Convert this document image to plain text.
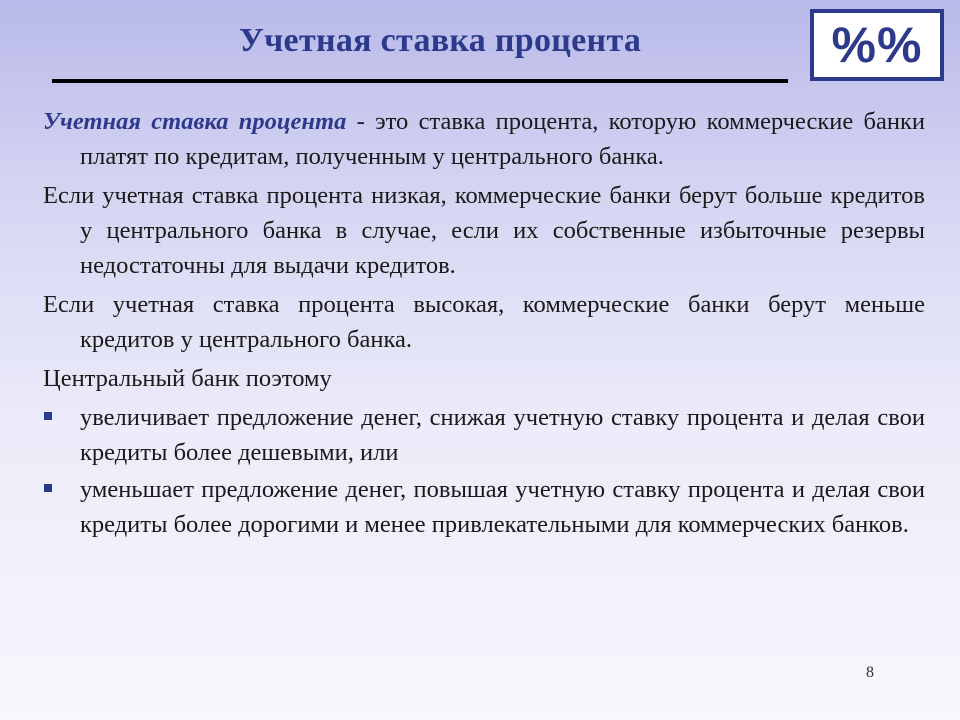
Учетная ставка процента	%%

Учетная ставка процента - это ставка процента, которую коммерческие банки платят по кредитам, полученным у центрального банка.

Если учетная ставка процента низкая, коммерческие банки берут больше кредитов у центрального банка в случае, если их собственные избыточные резервы недостаточны для выдачи кредитов.

Если учетная ставка процента высокая, коммерческие банки берут меньше кредитов у центрального банка.

Центральный банк поэтому

увеличивает предложение денег, снижая учетную ставку процента и делая свои кредиты более дешевыми, или
уменьшает предложение денег, повышая учетную ставку процента и делая свои кредиты более дорогими и менее привлекательными для коммерческих банков.
8
